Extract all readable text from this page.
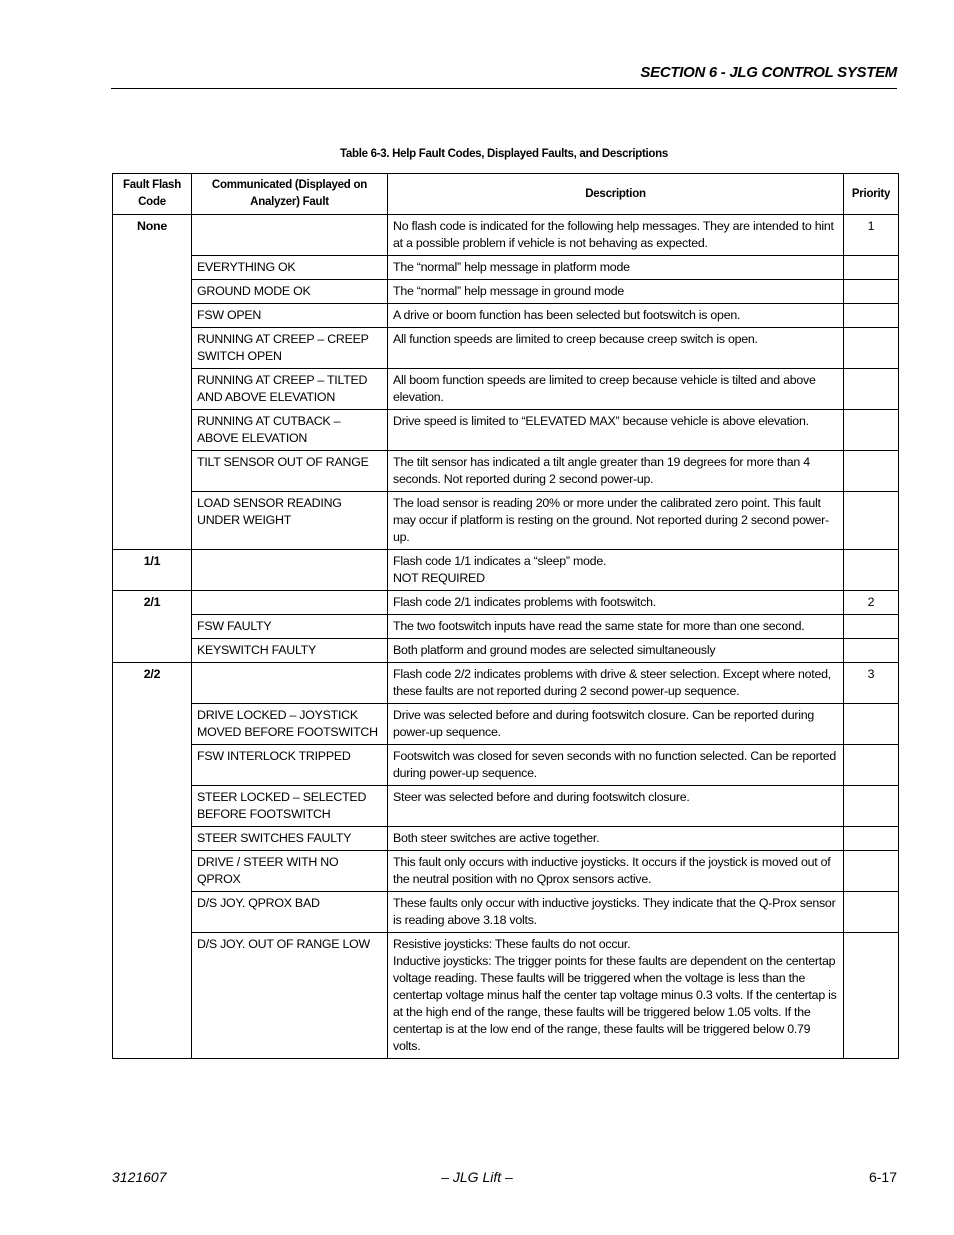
SECTION 6 - JLG CONTROL SYSTEM
Table 6-3. Help Fault Codes, Displayed Faults, and Descriptions
Fault Flash Code	Communicated (Displayed on Analyzer) Fault	Description	Priority
None		No flash code is indicated for the following help messages. They are intended to hint at a possible problem if vehicle is not behaving as expected.	1
	EVERYTHING OK	The “normal” help message in platform mode	
	GROUND MODE OK	The “normal” help message in ground mode	
	FSW OPEN	A drive or boom function has been selected but footswitch is open.	
	RUNNING AT CREEP – CREEP SWITCH OPEN	All function speeds are limited to creep because creep switch is open.	
	RUNNING AT CREEP – TILTED AND ABOVE ELEVATION	All boom function speeds are limited to creep because vehicle is tilted and above elevation.	
	RUNNING AT CUTBACK – ABOVE ELEVATION	Drive speed is limited to “ELEVATED MAX” because vehicle is above elevation.	
	TILT SENSOR OUT OF RANGE	The tilt sensor has indicated a tilt angle greater than 19 degrees for more than 4 seconds. Not reported during 2 second power-up.	
	LOAD SENSOR READING UNDER WEIGHT	The load sensor is reading 20% or more under the calibrated zero point. This fault may occur if platform is resting on the ground. Not reported during 2 second power-up.	
1/1		Flash code 1/1 indicates a “sleep” mode.
NOT REQUIRED	
2/1		Flash code 2/1 indicates problems with footswitch.	2
	FSW FAULTY	The two footswitch inputs have read the same state for more than one second.	
	KEYSWITCH FAULTY	Both platform and ground modes are selected simultaneously	
2/2		Flash code 2/2 indicates problems with drive & steer selection. Except where noted, these faults are not reported during 2 second power-up sequence.	3
	DRIVE LOCKED – JOYSTICK MOVED BEFORE FOOTSWITCH	Drive was selected before and during footswitch closure. Can be reported during power-up sequence.	
	FSW INTERLOCK TRIPPED	Footswitch was closed for seven seconds with no function selected. Can be reported during power-up sequence.	
	STEER LOCKED – SELECTED BEFORE FOOTSWITCH	Steer was selected before and during footswitch closure.	
	STEER SWITCHES FAULTY	Both steer switches are active together.	
	DRIVE / STEER WITH NO QPROX	This fault only occurs with inductive joysticks. It occurs if the joystick is moved out of the neutral position with no Qprox sensors active.	
	D/S JOY. QPROX BAD	These faults only occur with inductive joysticks. They indicate that the Q-Prox sensor is reading above 3.18 volts.	
	D/S JOY. OUT OF RANGE LOW	Resistive joysticks: These faults do not occur.
Inductive joysticks: The trigger points for these faults are dependent on the centertap voltage reading. These faults will be triggered when the voltage is less than the centertap voltage minus half the center tap voltage minus 0.3 volts. If the centertap is at the high end of the range, these faults will be triggered below 1.05 volts. If the centertap is at the low end of the range, these faults will be triggered below 0.79 volts.	
3121607	– JLG Lift –	6-17
